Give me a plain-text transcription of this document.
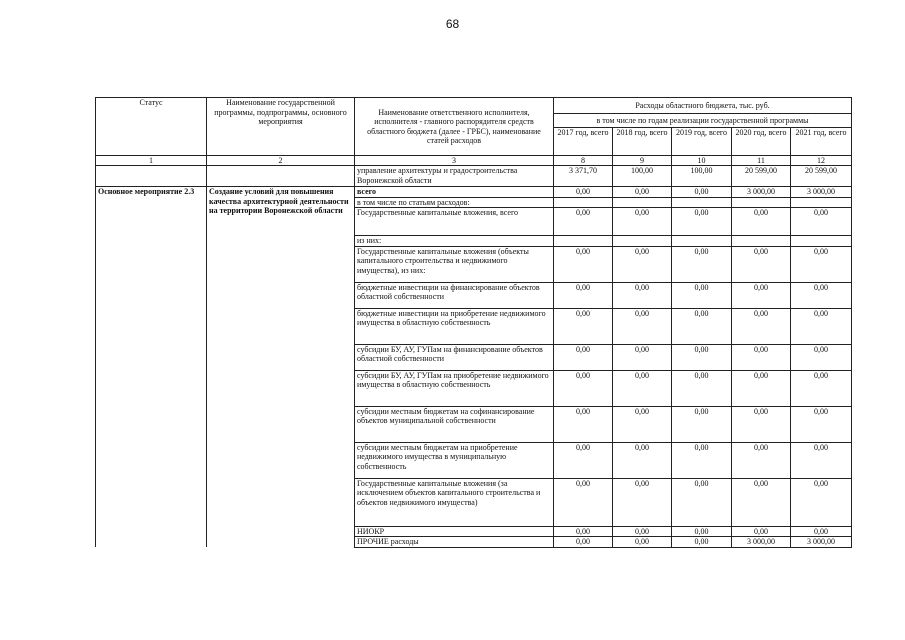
68
Статус	Наименование государственной программы, подпрограммы, основного мероприятия	Наименование ответственного исполнителя, исполнителя - главного распорядителя средств областного бюджета (далее - ГРБС), наименование статей расходов	Расходы областного бюджета, тыс. руб.				
			в том числе по годам реализации государственной программы				
			2017 год, всего	2018 год, всего	2019 год, всего	2020 год, всего	2021 год, всего
1	2	3	8	9	10	11	12
		управление архитектуры и градостроительства Воронежской области	3 371,70	100,00	100,00	20 599,00	20 599,00
Основное мероприятие 2.3	Создание условий для повышения качества архитектурной деятельности на территории Воронежской области	всего	0,00	0,00	0,00	3 000,00	3 000,00
		в том числе по статьям расходов:					
		Государственные капитальные вложения, всего	0,00	0,00	0,00	0,00	0,00
		из них:					
		Государственные капитальные вложения (объекты капитального строительства и недвижимого имущества), из них:	0,00	0,00	0,00	0,00	0,00
		бюджетные инвестиции на финансирование объектов областной собственности	0,00	0,00	0,00	0,00	0,00
		бюджетные инвестиции на приобретение недвижимого имущества в областную собственность	0,00	0,00	0,00	0,00	0,00
		субсидии БУ, АУ, ГУПам на финансирование объектов областной собственности	0,00	0,00	0,00	0,00	0,00
		субсидии БУ, АУ, ГУПам на приобретение недвижимого имущества в областную собственность	0,00	0,00	0,00	0,00	0,00
		субсидии местным бюджетам на софинансирование объектов муниципальной собственности	0,00	0,00	0,00	0,00	0,00
		субсидии местным бюджетам на приобретение недвижимого имущества в муниципальную собственность	0,00	0,00	0,00	0,00	0,00
		Государственные капитальные вложения (за исключением объектов капитального строительства и объектов недвижимого имущества)	0,00	0,00	0,00	0,00	0,00
		НИОКР	0,00	0,00	0,00	0,00	0,00
		ПРОЧИЕ расходы	0,00	0,00	0,00	3 000,00	3 000,00
